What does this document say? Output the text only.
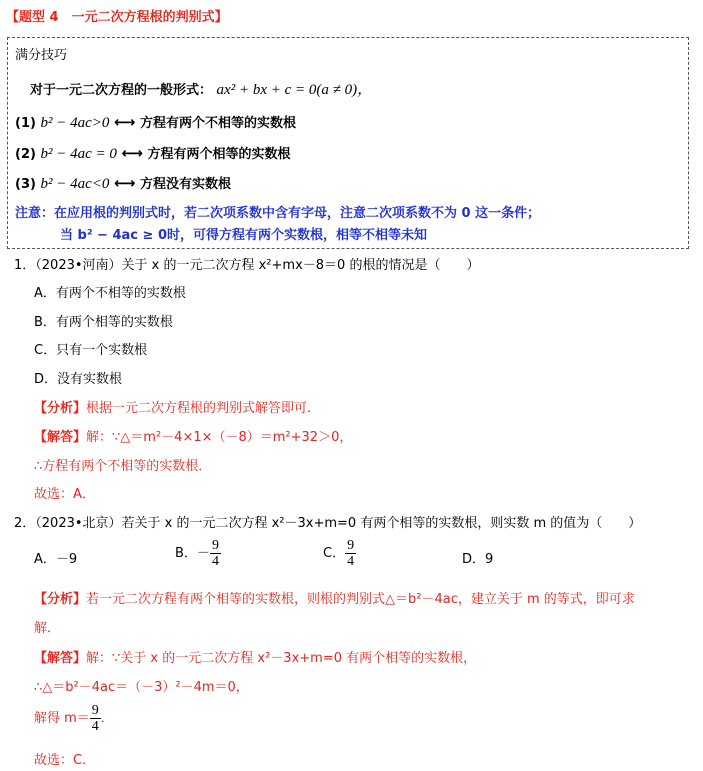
【题型 4　一元二次方程根的判别式】
满分技巧
对于一元二次方程的一般形式： ax² + bx + c = 0(a ≠ 0)，
(1) b² − 4ac>0 ⟷ 方程有两个不相等的实数根
(2) b² − 4ac = 0 ⟷ 方程有两个相等的实数根
(3) b² − 4ac<0 ⟷ 方程没有实数根
注意：在应用根的判别式时，若二次项系数中含有字母，注意二次项系数不为 0 这一条件；
当 b² − 4ac ≥ 0时，可得方程有两个实数根，相等不相等未知
1．（2023•河南）关于 x 的一元二次方程 x²+mx－8＝0 的根的情况是（　　）
A．有两个不相等的实数根
B．有两个相等的实数根
C．只有一个实数根
D．没有实数根
【分析】根据一元二次方程根的判别式解答即可．
【解答】解：∵△＝m²－4×1×（－8）＝m²+32＞0，
∴方程有两个不相等的实数根．
故选：A．
2．（2023•北京）若关于 x 的一元二次方程 x²－3x+m=0 有两个相等的实数根，则实数 m 的值为（　　）
A．－9	B．－ $\frac{9}{4}$	C． $\frac{9}{4}$	D．9
【分析】若一元二次方程有两个相等的实数根，则根的判别式△＝b²－4ac，建立关于 m 的等式，即可求
解．
【解答】解：∵关于 x 的一元二次方程 x²－3x+m=0 有两个相等的实数根，
∴△＝b²－4ac＝（－3）²－4m＝0，
解得 $m= \frac{9}{4}$ ．
故选：C．
